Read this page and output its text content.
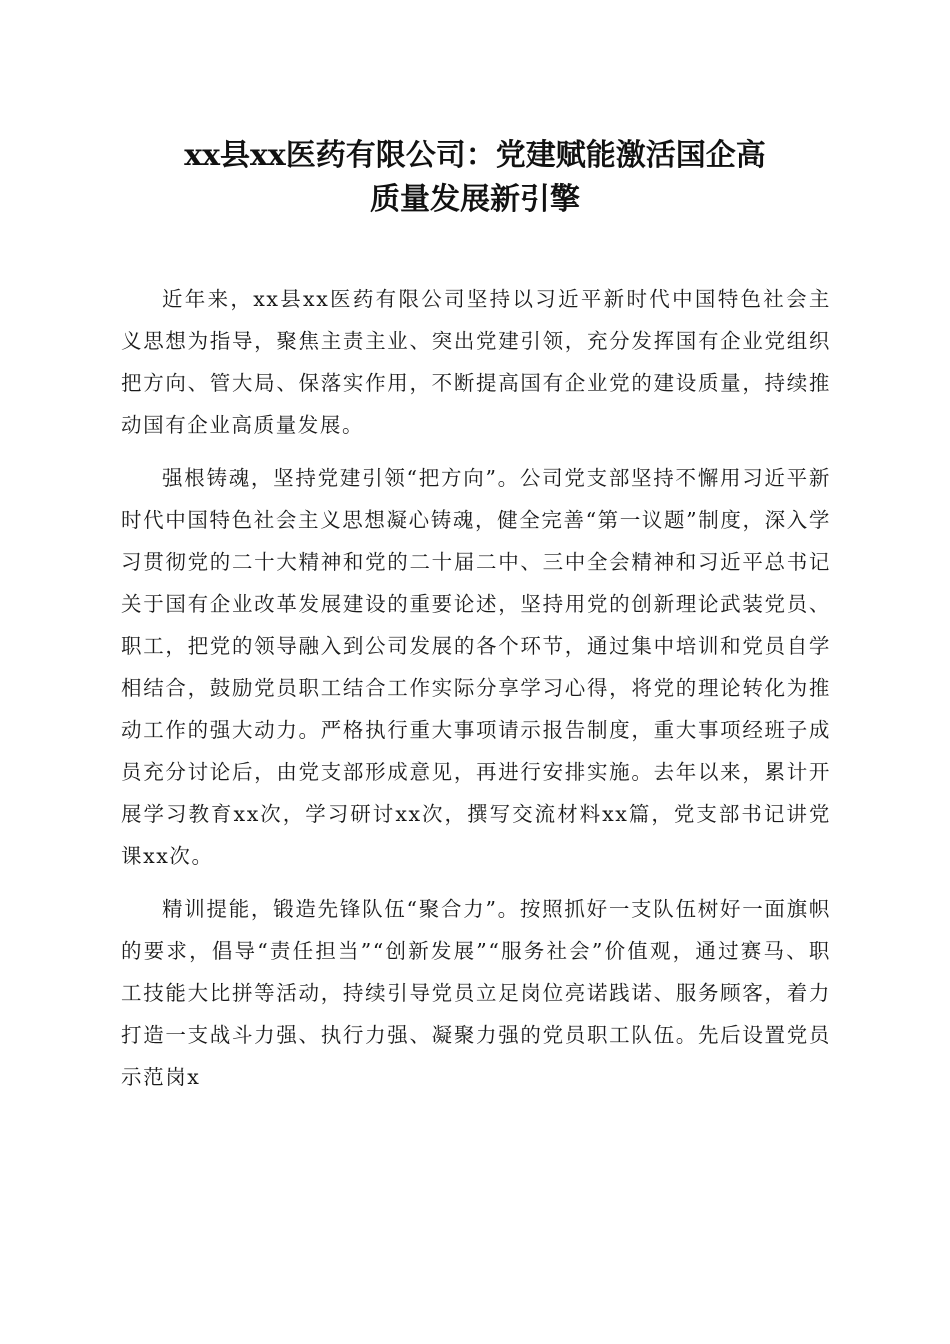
xx县xx医药有限公司：党建赋能激活国企高
质量发展新引擎

近年来，xx县xx医药有限公司坚持以习近平新时代中国特色社会主义思想为指导，聚焦主责主业、突出党建引领，充分发挥国有企业党组织把方向、管大局、保落实作用，不断提高国有企业党的建设质量，持续推动国有企业高质量发展。

强根铸魂，坚持党建引领“把方向”。公司党支部坚持不懈用习近平新时代中国特色社会主义思想凝心铸魂，健全完善“第一议题”制度，深入学习贯彻党的二十大精神和党的二十届二中、三中全会精神和习近平总书记关于国有企业改革发展建设的重要论述，坚持用党的创新理论武装党员、职工，把党的领导融入到公司发展的各个环节，通过集中培训和党员自学相结合，鼓励党员职工结合工作实际分享学习心得，将党的理论转化为推动工作的强大动力。严格执行重大事项请示报告制度，重大事项经班子成员充分讨论后，由党支部形成意见，再进行安排实施。去年以来，累计开展学习教育xx次，学习研讨xx次，撰写交流材料xx篇，党支部书记讲党课xx次。

精训提能，锻造先锋队伍“聚合力”。按照抓好一支队伍树好一面旗帜的要求，倡导“责任担当”“创新发展”“服务社会”价值观，通过赛马、职工技能大比拼等活动，持续引导党员立足岗位亮诺践诺、服务顾客，着力打造一支战斗力强、执行力强、凝聚力强的党员职工队伍。先后设置党员示范岗x
